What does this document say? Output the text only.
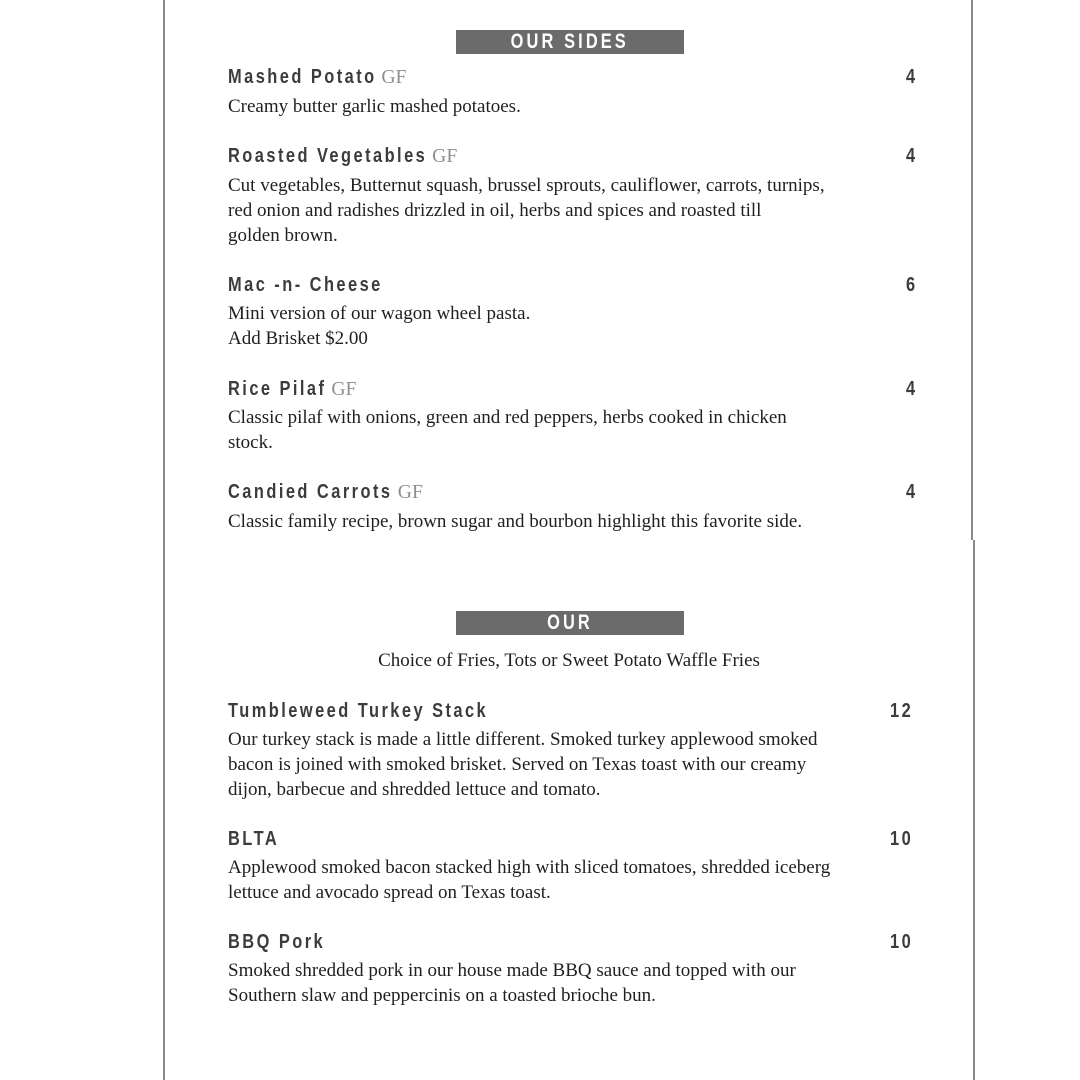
OUR SIDES
Mashed Potato GF	4
Creamy butter garlic mashed potatoes.
Roasted Vegetables GF	4
Cut vegetables, Butternut squash, brussel sprouts, cauliflower, carrots, turnips,
red onion and radishes drizzled in oil, herbs and spices and roasted till
golden brown.
Mac -n- Cheese	6
Mini version of our wagon wheel pasta.
Add Brisket $2.00
Rice Pilaf GF	4
Classic pilaf with onions, green and red peppers, herbs cooked in chicken
stock.
Candied Carrots GF	4
Classic family recipe, brown sugar and bourbon highlight this favorite side.
OUR
Choice of Fries, Tots or Sweet Potato Waffle Fries
Tumbleweed Turkey Stack	12
Our turkey stack is made a little different. Smoked turkey applewood smoked
bacon is joined with smoked brisket. Served on Texas toast with our creamy
dijon, barbecue and shredded lettuce and tomato.
BLTA	10
Applewood smoked bacon stacked high with sliced tomatoes, shredded iceberg
lettuce and avocado spread on Texas toast.
BBQ Pork	10
Smoked shredded pork in our house made BBQ sauce and topped with our
Southern slaw and peppercinis on a toasted brioche bun.
